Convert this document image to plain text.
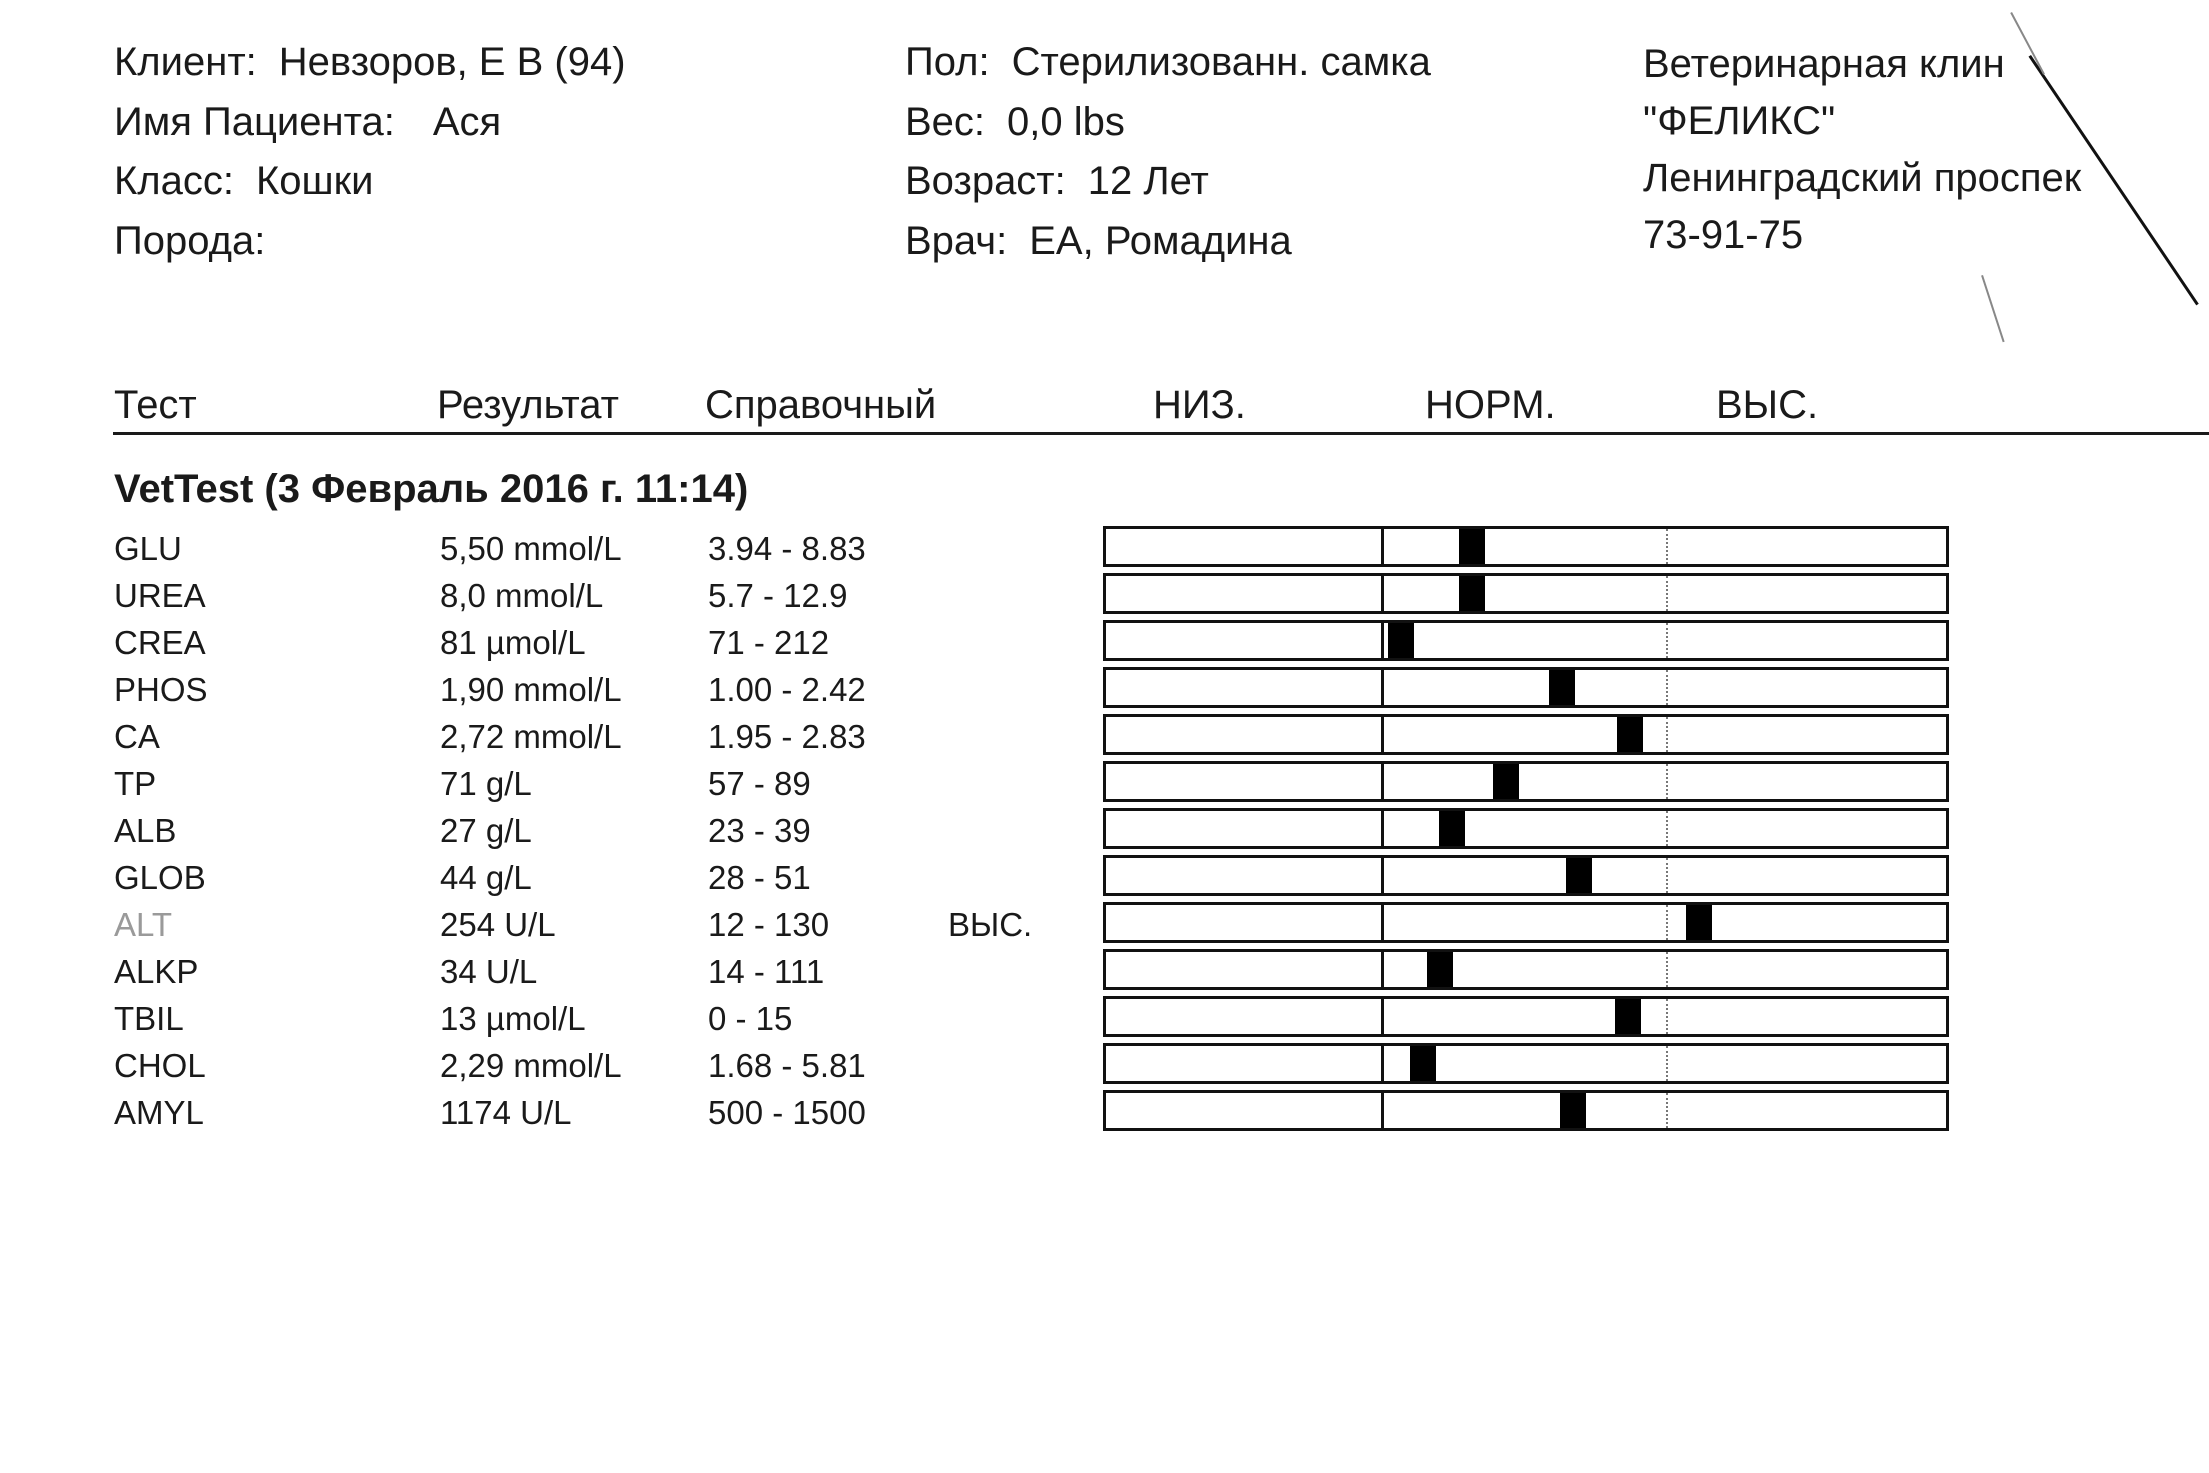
Клиент: Невзоров, Е В (94)
Имя Пациента: Ася
Класс: Кошки
Порода:
Пол: Стерилизованн. самка
Вес: 0,0 lbs
Возраст: 12 Лет
Врач: ЕА, Ромадина
Ветеринарная клин
"ФЕЛИКС"
Ленинградский проспек
73-91-75
Тест	Результат Справочный	НИЗ.	НОРМ.	ВЫС.
VetTest (3 Февраль 2016 г. 11:14)
GLU	5,50 mmol/L	3.94 - 8.83
UREA	8,0 mmol/L	5.7 - 12.9
CREA	81 µmol/L	71 - 212
PHOS	1,90 mmol/L	1.00 - 2.42
CA	2,72 mmol/L	1.95 - 2.83
TP	71 g/L	57 - 89
ALB	27 g/L	23 - 39
GLOB	44 g/L	28 - 51
ALT	254 U/L	12 - 130	ВЫС.
ALKP	34 U/L	14 - 111
TBIL	13 µmol/L	0 - 15
CHOL	2,29 mmol/L	1.68 - 5.81
AMYL	1174 U/L	500 - 1500
